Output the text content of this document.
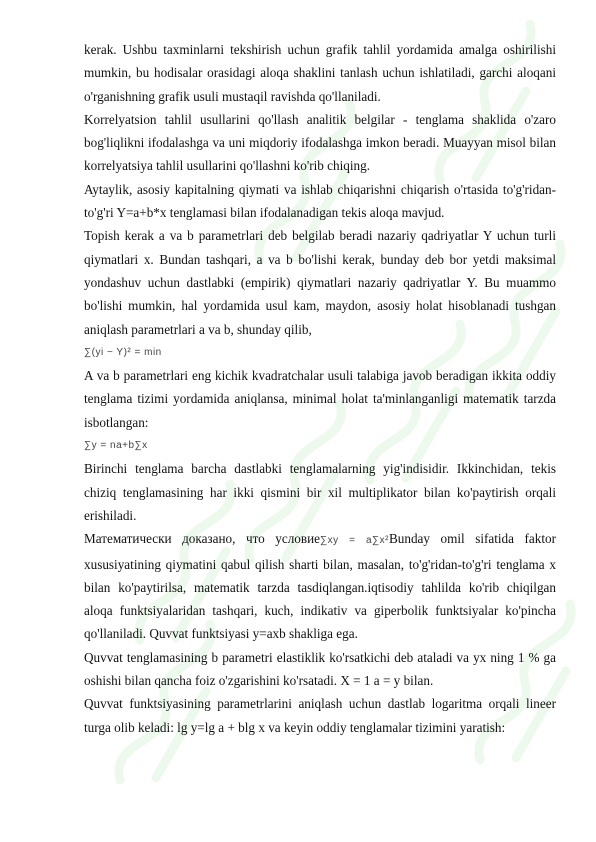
kerak. Ushbu taxminlarni tekshirish uchun grafik tahlil yordamida amalga oshirilishi mumkin, bu hodisalar orasidagi aloqa shaklini tanlash uchun ishlatiladi, garchi aloqani o'rganishning grafik usuli mustaqil ravishda qo'llaniladi.

Korrelyatsion tahlil usullarini qo'llash analitik belgilar - tenglama shaklida o'zaro bog'liqlikni ifodalashga va uni miqdoriy ifodalashga imkon beradi. Muayyan misol bilan korrelyatsiya tahlil usullarini qo'llashni ko'rib chiqing.

Aytaylik, asosiy kapitalning qiymati va ishlab chiqarishni chiqarish o'rtasida to'g'ridan-to'g'ri Y=a+b*x tenglamasi bilan ifodalanadigan tekis aloqa mavjud.

Topish kerak a va b parametrlari deb belgilab beradi nazariy qadriyatlar Y uchun turli qiymatlari x. Bundan tashqari, a va b bo'lishi kerak, bunday deb bor yetdi maksimal yondashuv uchun dastlabki (empirik) qiymatlari nazariy qadriyatlar Y. Bu muammo bo'lishi mumkin, hal yordamida usul kam, maydon, asosiy holat hisoblanadi tushgan aniqlash parametrlari a va b, shunday qilib,

∑(yi − Y)² = min

A va b parametrlari eng kichik kvadratchalar usuli talabiga javob beradigan ikkita oddiy tenglama tizimi yordamida aniqlansa, minimal holat ta'minlanganligi matematik tarzda isbotlangan:

∑y = na+b∑x

Birinchi tenglama barcha dastlabki tenglamalarning yig'indisidir. Ikkinchidan, tekis chiziq tenglamasining har ikki qismini bir xil multiplikator bilan ko'paytirish orqali erishiladi.

Математически доказано, что условие∑xy = a∑x²Bunday omil sifatida faktor xususiyatining qiymatini qabul qilish sharti bilan, masalan, to'g'ridan-to'g'ri tenglama x bilan ko'paytirilsa, matematik tarzda tasdiqlangan.iqtisodiy tahlilda ko'rib chiqilgan aloqa funktsiyalaridan tashqari, kuch, indikativ va giperbolik funktsiyalar ko'pincha qo'llaniladi. Quvvat funktsiyasi y=axb shakliga ega.

Quvvat tenglamasining b parametri elastiklik ko'rsatkichi deb ataladi va yx ning 1 % ga oshishi bilan qancha foiz o'zgarishini ko'rsatadi. X = 1 a = y bilan.

Quvvat funktsiyasining parametrlarini aniqlash uchun dastlab logaritma orqali lineer turga olib keladi: lg y=lg a + blg x va keyin oddiy tenglamalar tizimini yaratish:
